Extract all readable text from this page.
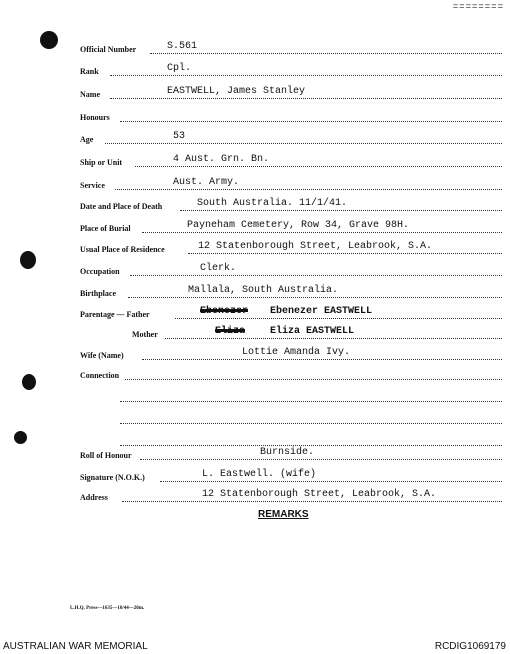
========
Official Number	S.561
Rank	Cpl.
Name	EASTWELL, James Stanley
Honours
Age	53
Ship or Unit	4 Aust. Grn. Bn.
Service	Aust. Army.
Date and Place of Death	South Australia. 11/1/41.
Place of Burial	Payneham Cemetery, Row 34, Grave 98H.
Usual Place of Residence	12 Statenborough Street, Leabrook, S.A.
Occupation	Clerk.
Birthplace	Mallala, South Australia.
Parentage — Father	Ebenezer Ebenezer EASTWELL
Mother	Eliza Eliza EASTWELL
Wife (Name)	Lottie Amanda Ivy.
Connection
Roll of Honour	Burnside.
Signature (N.O.K.)	L. Eastwell. (wife)
Address	12 Statenborough Street, Leabrook, S.A.
REMARKS
L.H.Q. Press—1635—10/44—20m.
AUSTRALIAN WAR MEMORIAL	RCDIG1069179
